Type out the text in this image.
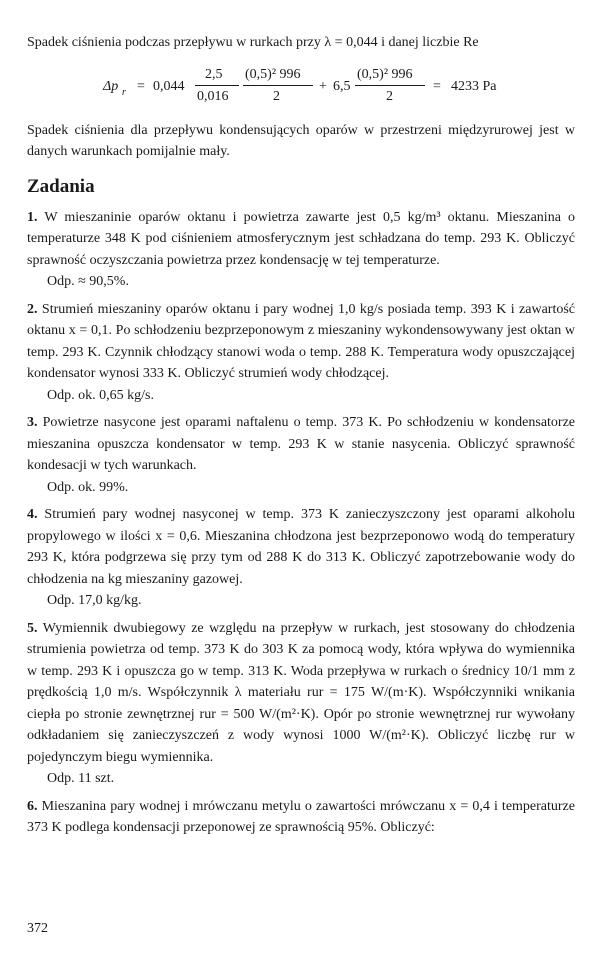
Spadek ciśnienia podczas przepływu w rurkach przy λ = 0,044 i danej liczbie Re

Δp r = 0,044
2,5
0,016
(0,5)² 996
2
+ 6,5
(0,5)² 996
2
= 4233 Pa

Spadek ciśnienia dla przepływu kondensujących oparów w przestrzeni międzyrurowej jest w danych warunkach pomijalnie mały.

Zadania

1. W mieszaninie oparów oktanu i powietrza zawarte jest 0,5 kg/m³ oktanu. Mieszanina o temperaturze 348 K pod ciśnieniem atmosferycznym jest schładzana do temp. 293 K. Obliczyć sprawność oczyszczania powietrza przez kondensację w tej temperaturze.

Odp. ≈ 90,5%.

2. Strumień mieszaniny oparów oktanu i pary wodnej 1,0 kg/s posiada temp. 393 K i zawartość oktanu x = 0,1. Po schłodzeniu bezprzeponowym z mieszaniny wykondensowywany jest oktan w temp. 293 K. Czynnik chłodzący stanowi woda o temp. 288 K. Temperatura wody opuszczającej kondensator wynosi 333 K. Obliczyć strumień wody chłodzącej.

Odp. ok. 0,65 kg/s.

3. Powietrze nasycone jest oparami naftalenu o temp. 373 K. Po schłodzeniu w kondensatorze mieszanina opuszcza kondensator w temp. 293 K w stanie nasycenia. Obliczyć sprawność kondesacji w tych warunkach.

Odp. ok. 99%.

4. Strumień pary wodnej nasyconej w temp. 373 K zanieczyszczony jest oparami alkoholu propylowego w ilości x = 0,6. Mieszanina chłodzona jest bezprzeponowo wodą do temperatury 293 K, która podgrzewa się przy tym od 288 K do 313 K. Obliczyć zapotrzebowanie wody do chłodzenia na kg mieszaniny gazowej.

Odp. 17,0 kg/kg.

5. Wymiennik dwubiegowy ze względu na przepływ w rurkach, jest stosowany do chłodzenia strumienia powietrza od temp. 373 K do 303 K za pomocą wody, która wpływa do wymiennika w temp. 293 K i opuszcza go w temp. 313 K. Woda przepływa w rurkach o średnicy 10/1 mm z prędkością 1,0 m/s. Współczynnik λ materiału rur = 175 W/(m·K). Współczynniki wnikania ciepła po stronie zewnętrznej rur = 500 W/(m²·K). Opór po stronie wewnętrznej rur wywołany odkładaniem się zanieczyszczeń z wody wynosi 1000 W/(m²·K). Obliczyć liczbę rur w pojedynczym biegu wymiennika.

Odp. 11 szt.

6. Mieszanina pary wodnej i mrówczanu metylu o zawartości mrówczanu x = 0,4 i temperaturze 373 K podlega kondensacji przeponowej ze sprawnością 95%. Obliczyć:

372
